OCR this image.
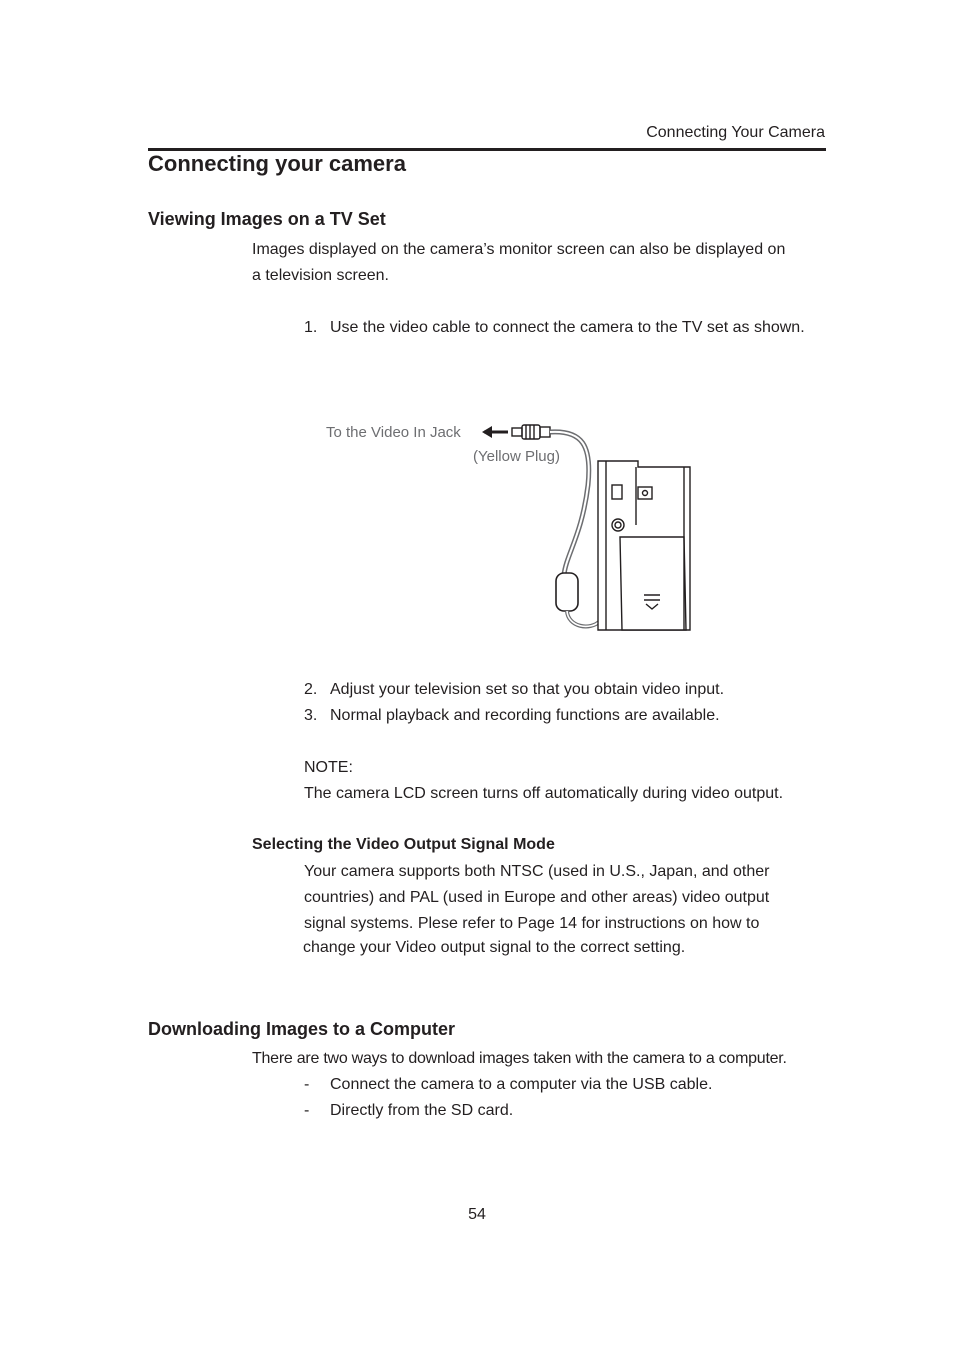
Connecting Your Camera
Connecting your camera
Viewing Images on a TV Set
Images displayed on the camera’s monitor screen can also be displayed on
a television screen.
1. Use the video cable to connect the camera to the TV set as shown.
To the Video In Jack
(Yellow Plug)
2. Adjust your television set so that you obtain video input.
3. Normal playback and recording functions are available.
NOTE:
The camera LCD screen turns off automatically during video output.
Selecting the Video Output Signal Mode
Your camera supports both NTSC (used in U.S., Japan, and other
countries) and PAL (used in Europe and other areas) video output
signal systems. Plese refer to Page 14 for instructions on how to
change your Video output signal to the correct setting.
Downloading Images to a Computer
There are two ways to download images taken with the camera to a computer.
-	Connect the camera to a computer via the USB cable.
-	Directly from the SD card.
54
